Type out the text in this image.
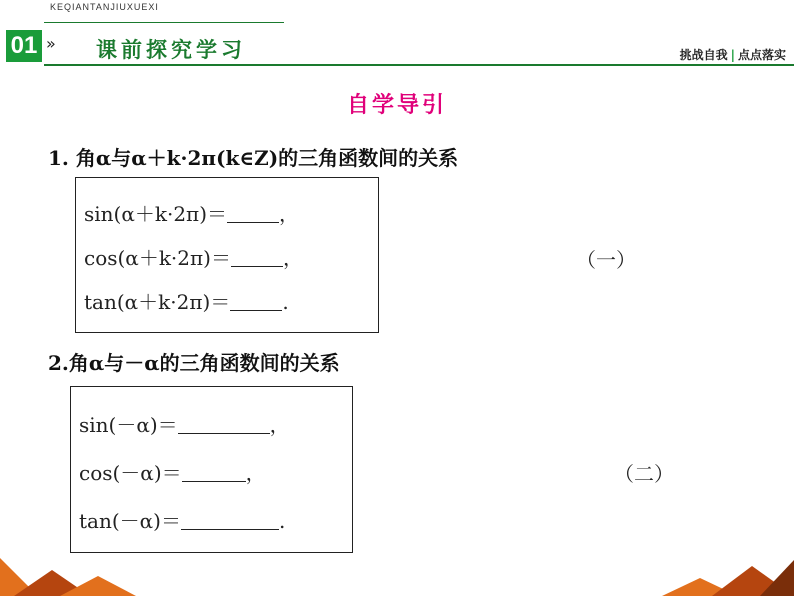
01
KEQIANTANJIUXUEXI
» 课前探究学习	挑战自我 | 点点落实
自学导引
1. 角α与α＋k·2π(k∈Z)的三角函数间的关系
sin(α＋k·2π)＝	，
cos(α＋k·2π)＝	，
tan(α＋k·2π)＝	.
（一）
2.角α与－α的三角函数间的关系
sin(－α)＝	，
cos(－α)＝	，
tan(－α)＝	.
（二）
